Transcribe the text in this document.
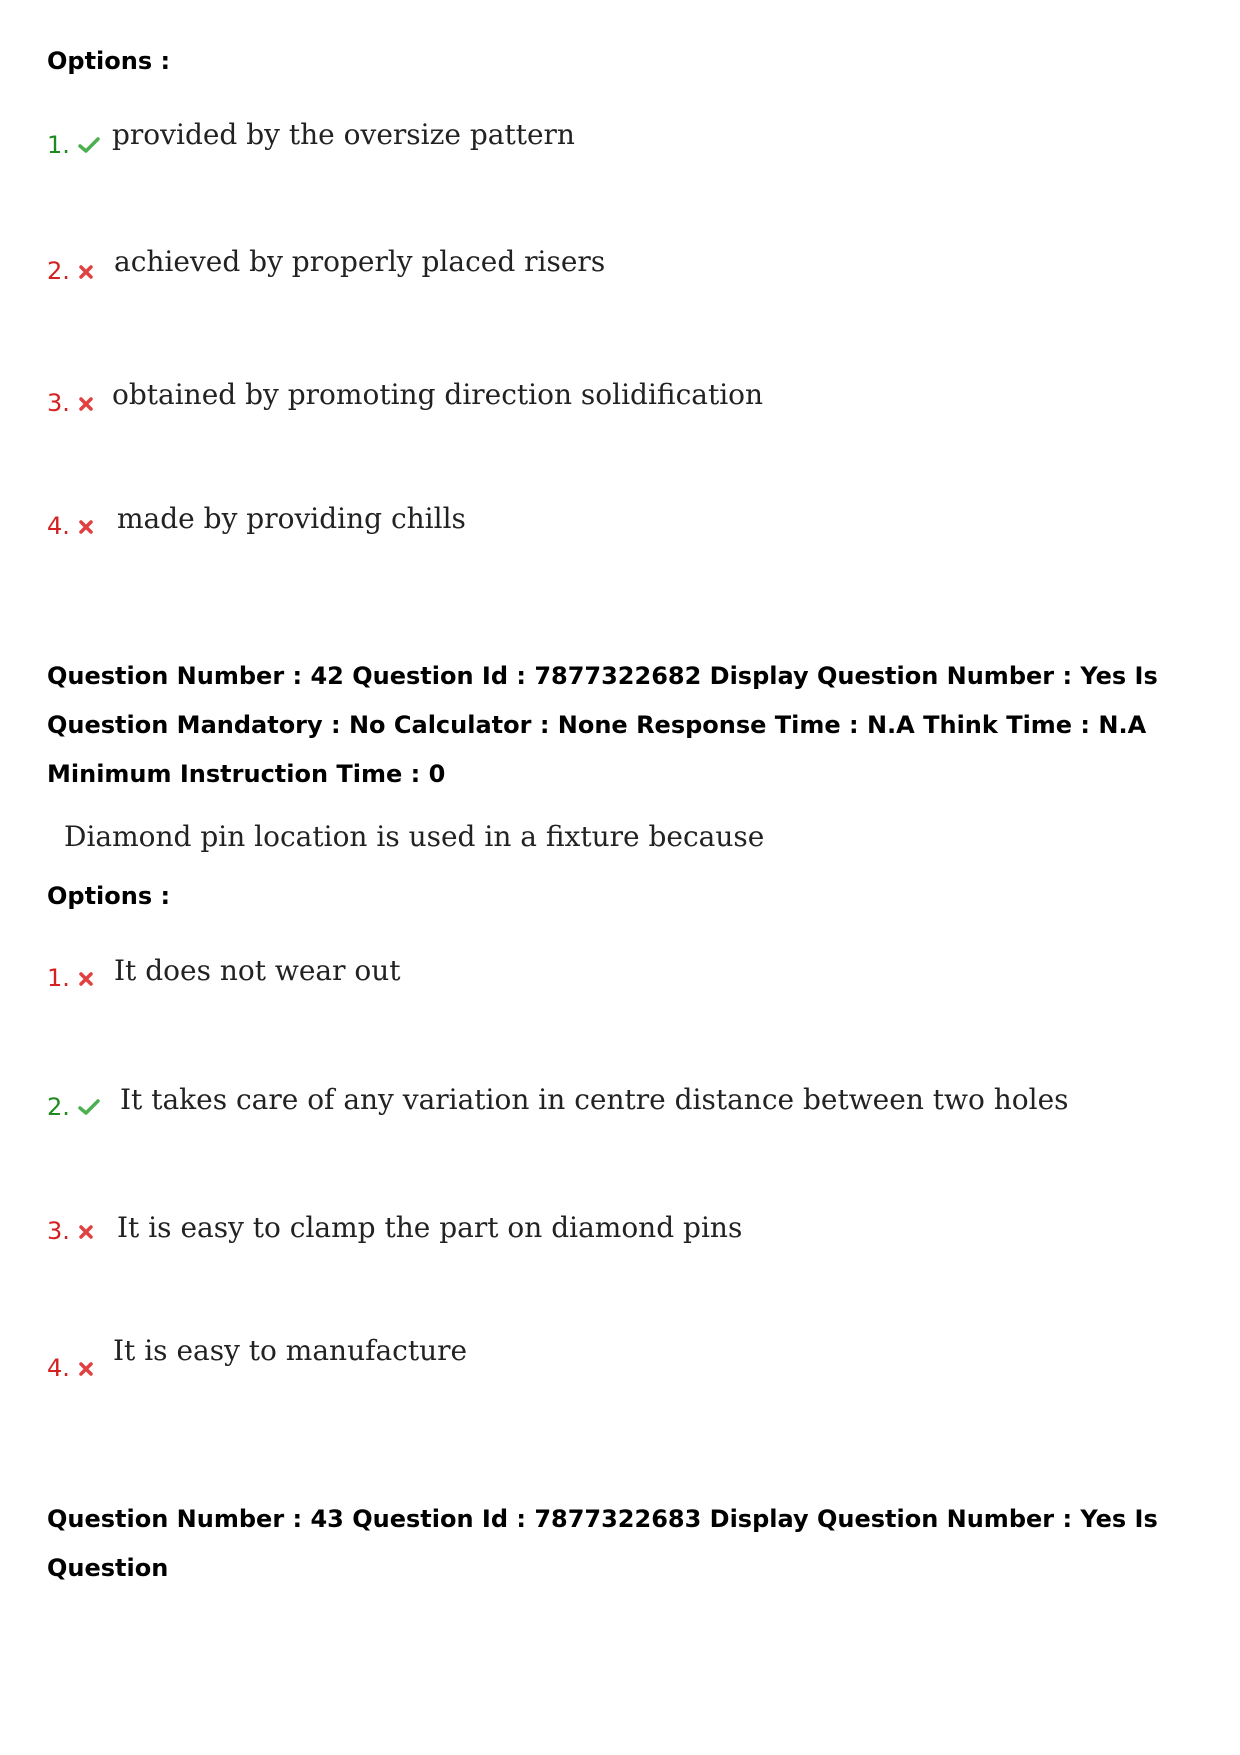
Options :
1.	provided by the oversize pattern
2.	achieved by properly placed risers
3.	obtained by promoting direction solidification
4.	made by providing chills
Question Number : 42 Question Id : 7877322682 Display Question Number : Yes Is Question Mandatory : No Calculator : None Response Time : N.A Think Time : N.A Minimum Instruction Time : 0
Diamond pin location is used in a fixture because
Options :
1.	It does not wear out
2.	It takes care of any variation in centre distance between two holes
3.	It is easy to clamp the part on diamond pins
4.
It is easy to manufacture
Question Number : 43 Question Id : 7877322683 Display Question Number : Yes Is Question
